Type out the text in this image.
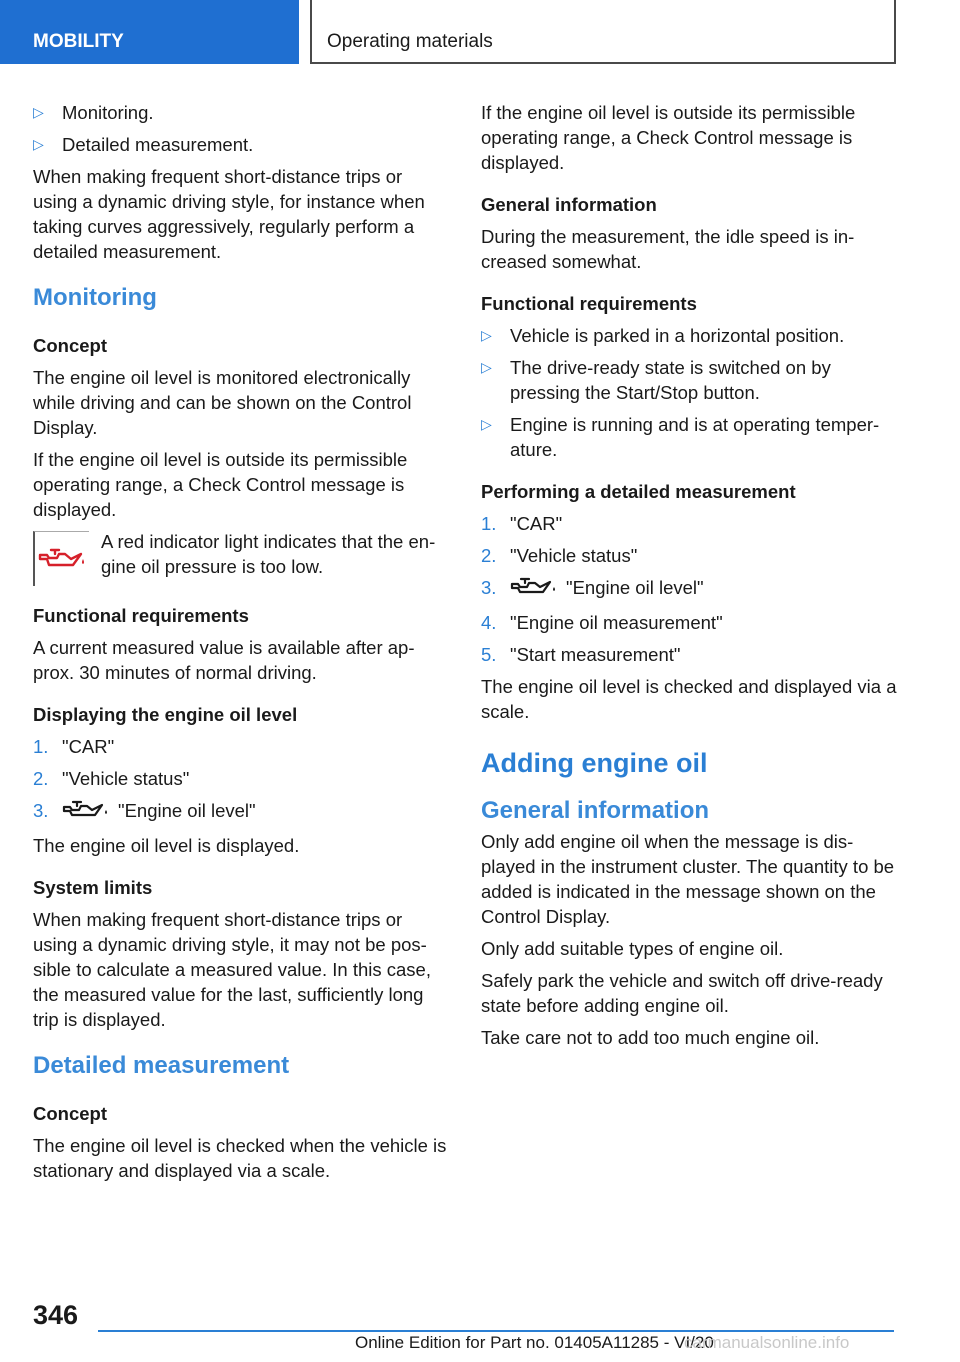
MOBILITY	Operating materials
▷ Monitoring.
▷ Detailed measurement.

When making frequent short-distance trips or using a dynamic driving style, for instance when taking curves aggressively, regularly perform a detailed measurement.

Monitoring
Concept

The engine oil level is monitored electronically while driving and can be shown on the Control Display.

If the engine oil level is outside its permissible operating range, a Check Control message is displayed.

A red indicator light indicates that the engine oil pressure is too low.
Functional requirements

A current measured value is available after approx. 30 minutes of normal driving.

Displaying the engine oil level
1. "CAR"
2. "Vehicle status"
3.	"Engine oil level"

The engine oil level is displayed.

System limits

When making frequent short-distance trips or using a dynamic driving style, it may not be possible to calculate a measured value. In this case, the measured value for the last, sufficiently long trip is displayed.

Detailed measurement
Concept

The engine oil level is checked when the vehicle is stationary and displayed via a scale.

If the engine oil level is outside its permissible operating range, a Check Control message is displayed.

General information

During the measurement, the idle speed is increased somewhat.

Functional requirements
▷ Vehicle is parked in a horizontal position.
▷ The drive-ready state is switched on by pressing the Start/Stop button.
▷ Engine is running and is at operating temperature.
Performing a detailed measurement
1. "CAR"
2. "Vehicle status"
3.	"Engine oil level"
4. "Engine oil measurement"
5. "Start measurement"

The engine oil level is checked and displayed via a scale.

Adding engine oil
General information

Only add engine oil when the message is displayed in the instrument cluster. The quantity to be added is indicated in the message shown on the Control Display.

Only add suitable types of engine oil.

Safely park the vehicle and switch off drive-ready state before adding engine oil.

Take care not to add too much engine oil.

346
Online Edition for Part no. 01405A11285 - VI/20
carmanualsonline.info
